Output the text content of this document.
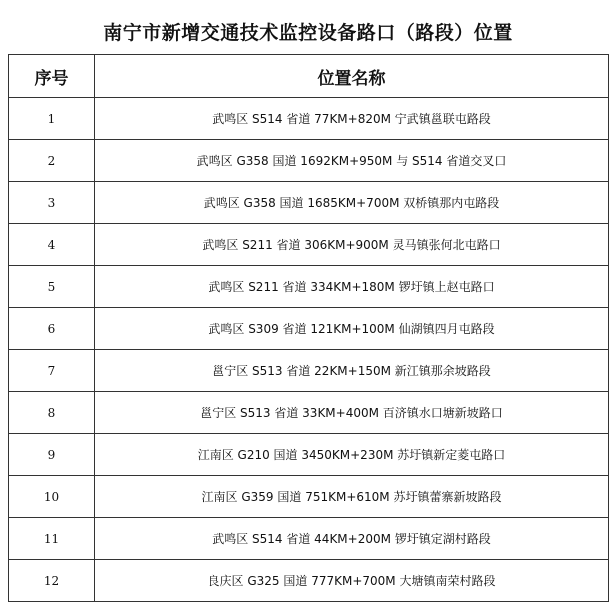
南宁市新增交通技术监控设备路口（路段）位置
序号	位置名称
1	武鸣区 S514 省道 77KM+820M 宁武镇邕联屯路段
2	武鸣区 G358 国道 1692KM+950M 与 S514 省道交叉口
3	武鸣区 G358 国道 1685KM+700M 双桥镇那内屯路段
4	武鸣区 S211 省道 306KM+900M 灵马镇张何北屯路口
5	武鸣区 S211 省道 334KM+180M 锣圩镇上赵屯路口
6	武鸣区 S309 省道 121KM+100M 仙湖镇四月屯路段
7	邕宁区 S513 省道 22KM+150M 新江镇那余坡路段
8	邕宁区 S513 省道 33KM+400M 百济镇水口塘新坡路口
9	江南区 G210 国道 3450KM+230M 苏圩镇新定菱屯路口
10	江南区 G359 国道 751KM+610M 苏圩镇蕾寨新坡路段
11	武鸣区 S514 省道 44KM+200M 锣圩镇定湖村路段
12	良庆区 G325 国道 777KM+700M 大塘镇南荣村路段
